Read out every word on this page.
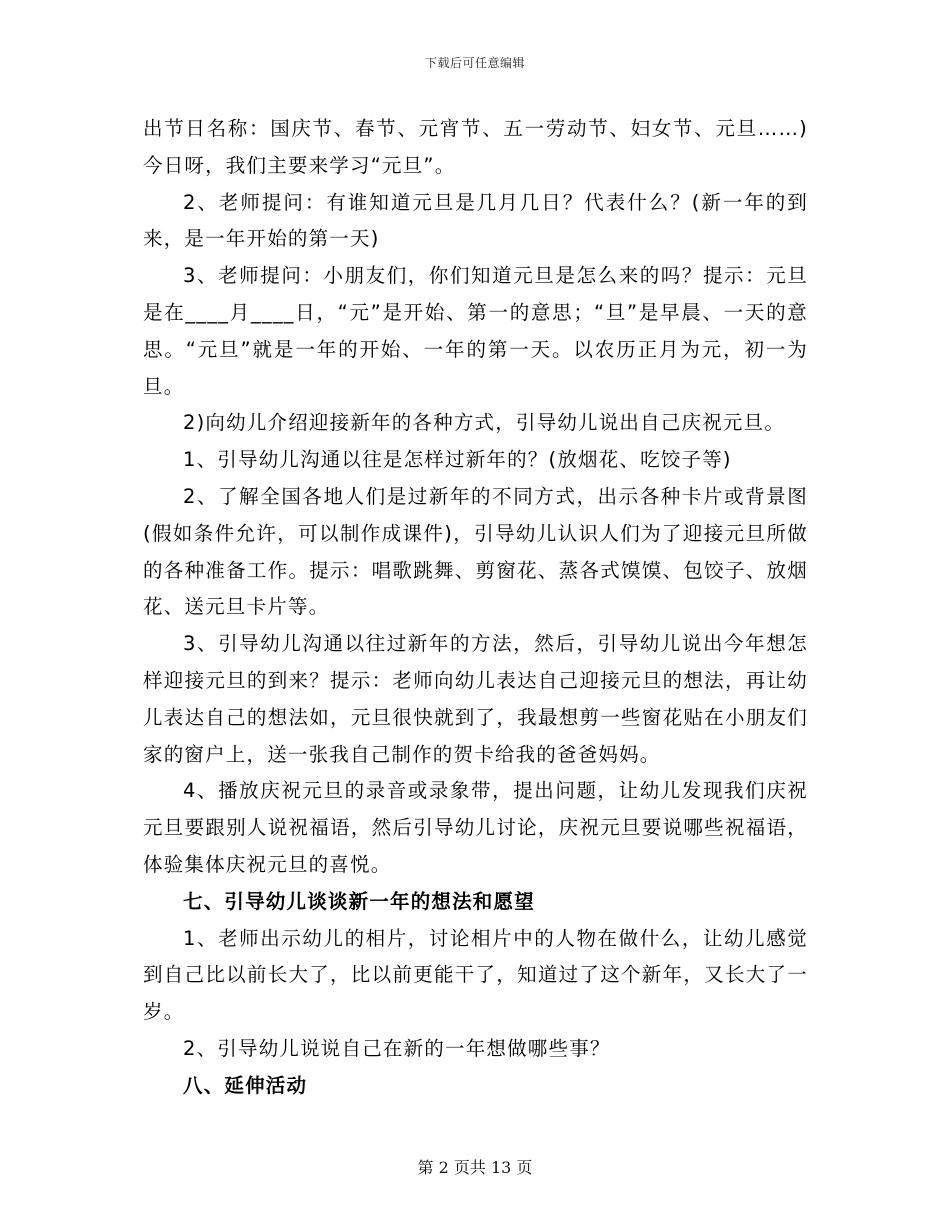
下载后可任意编辑

出节日名称：国庆节、春节、元宵节、五一劳动节、妇女节、元旦……)今日呀，我们主要来学习“元旦”。

2、老师提问：有谁知道元旦是几月几日？代表什么？(新一年的到来，是一年开始的第一天)

3、老师提问：小朋友们，你们知道元旦是怎么来的吗？提示：元旦是在____月____日，“元”是开始、第一的意思；“旦”是早晨、一天的意思。“元旦”就是一年的开始、一年的第一天。以农历正月为元，初一为旦。

2)向幼儿介绍迎接新年的各种方式，引导幼儿说出自己庆祝元旦。

1、引导幼儿沟通以往是怎样过新年的？(放烟花、吃饺子等)

2、了解全国各地人们是过新年的不同方式，出示各种卡片或背景图(假如条件允许，可以制作成课件)，引导幼儿认识人们为了迎接元旦所做的各种准备工作。提示：唱歌跳舞、剪窗花、蒸各式馍馍、包饺子、放烟花、送元旦卡片等。

3、引导幼儿沟通以往过新年的方法，然后，引导幼儿说出今年想怎样迎接元旦的到来？提示：老师向幼儿表达自己迎接元旦的想法，再让幼儿表达自己的想法如，元旦很快就到了，我最想剪一些窗花贴在小朋友们家的窗户上，送一张我自己制作的贺卡给我的爸爸妈妈。

4、播放庆祝元旦的录音或录象带，提出问题，让幼儿发现我们庆祝元旦要跟别人说祝福语，然后引导幼儿讨论，庆祝元旦要说哪些祝福语，体验集体庆祝元旦的喜悦。

七、引导幼儿谈谈新一年的想法和愿望

1、老师出示幼儿的相片，讨论相片中的人物在做什么，让幼儿感觉到自己比以前长大了，比以前更能干了，知道过了这个新年，又长大了一岁。

2、引导幼儿说说自己在新的一年想做哪些事？

八、延伸活动

第 2 页共 13 页
